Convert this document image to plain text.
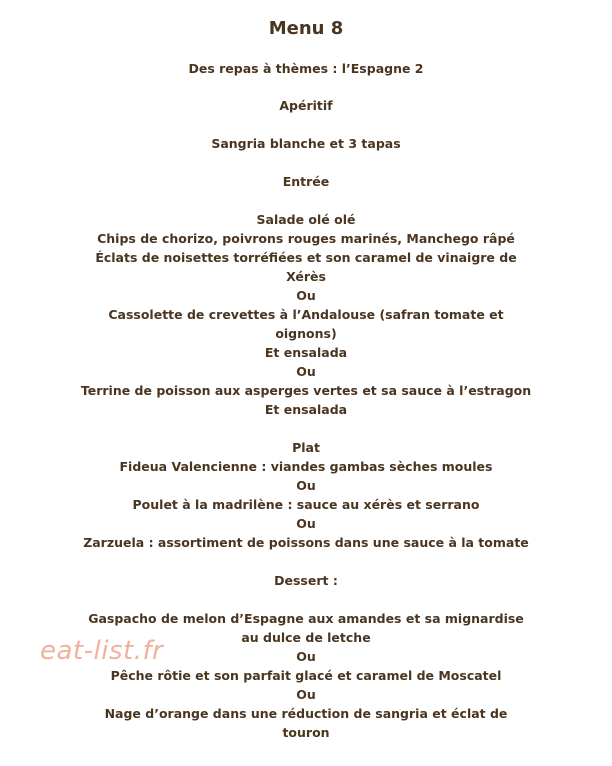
Menu 8
Des repas à thèmes : l’Espagne 2
Apéritif
Sangria blanche et 3 tapas
Entrée
Salade olé olé
Chips de chorizo, poivrons rouges marinés, Manchego râpé
Éclats de noisettes torréfiées et son caramel de vinaigre de
Xérès
Ou
Cassolette de crevettes à l’Andalouse (safran tomate et
oignons)
Et ensalada
Ou
Terrine de poisson aux asperges vertes et sa sauce à l’estragon
Et ensalada
Plat
Fideua Valencienne : viandes gambas sèches moules
Ou
Poulet à la madrilène : sauce au xérès et serrano
Ou
Zarzuela : assortiment de poissons dans une sauce à la tomate
Dessert :
Gaspacho de melon d’Espagne aux amandes et sa mignardise
au dulce de letche
Ou
Pêche rôtie et son parfait glacé et caramel de Moscatel
Ou
Nage d’orange dans une réduction de sangria et éclat de
touron
eat-list.fr
